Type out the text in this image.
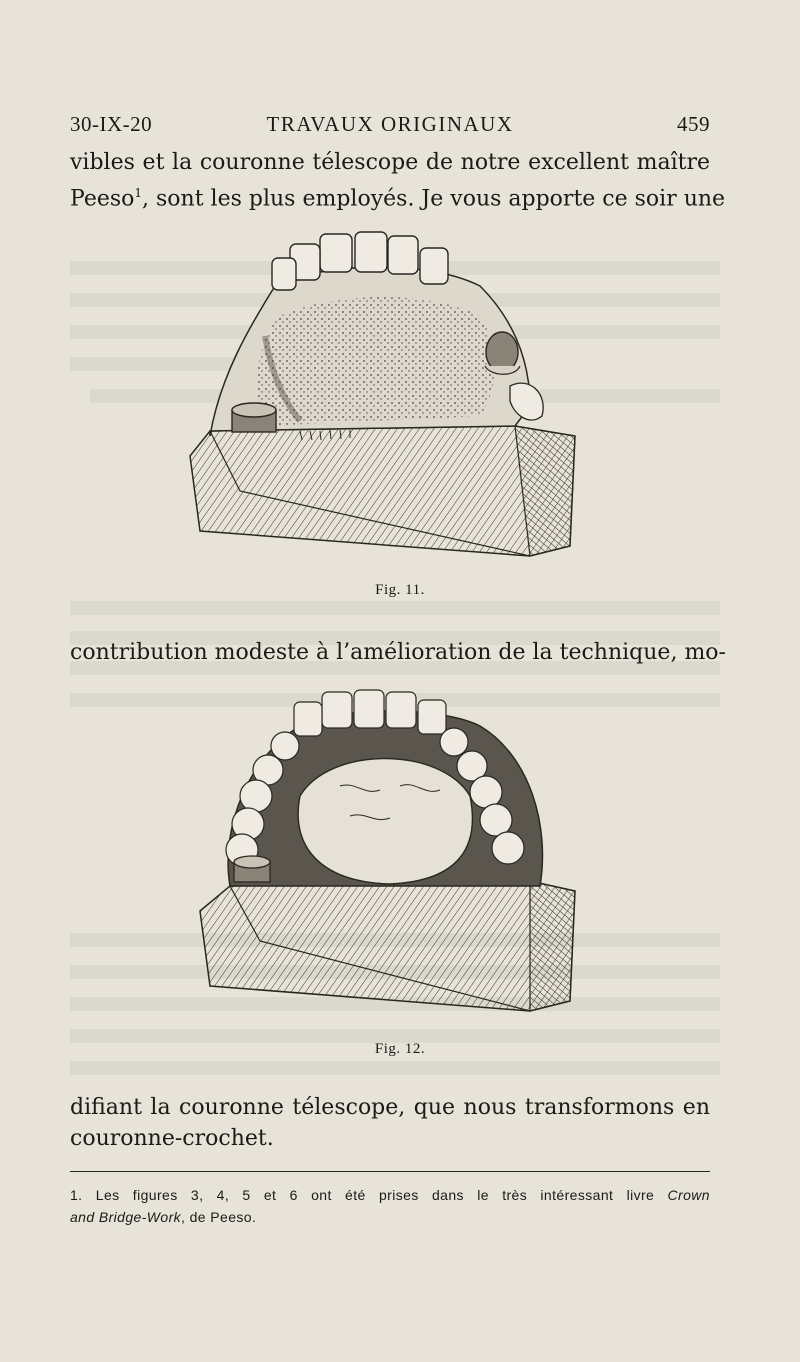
30-IX-20	TRAVAUX ORIGINAUX	459
vibles et la couronne télescope de notre excellent maître
Peeso$^1$, sont les plus employés. Je vous apporte ce soir une
Fig. 11.
contribution modeste à l’amélioration de la technique, mo-
Fig. 12.
difiant la couronne télescope, que nous transformons en
couronne-crochet.
1. Les figures 3, 4, 5 et 6 ont été prises dans le très intéressant livre Crown
and Bridge-Work, de Peeso.
